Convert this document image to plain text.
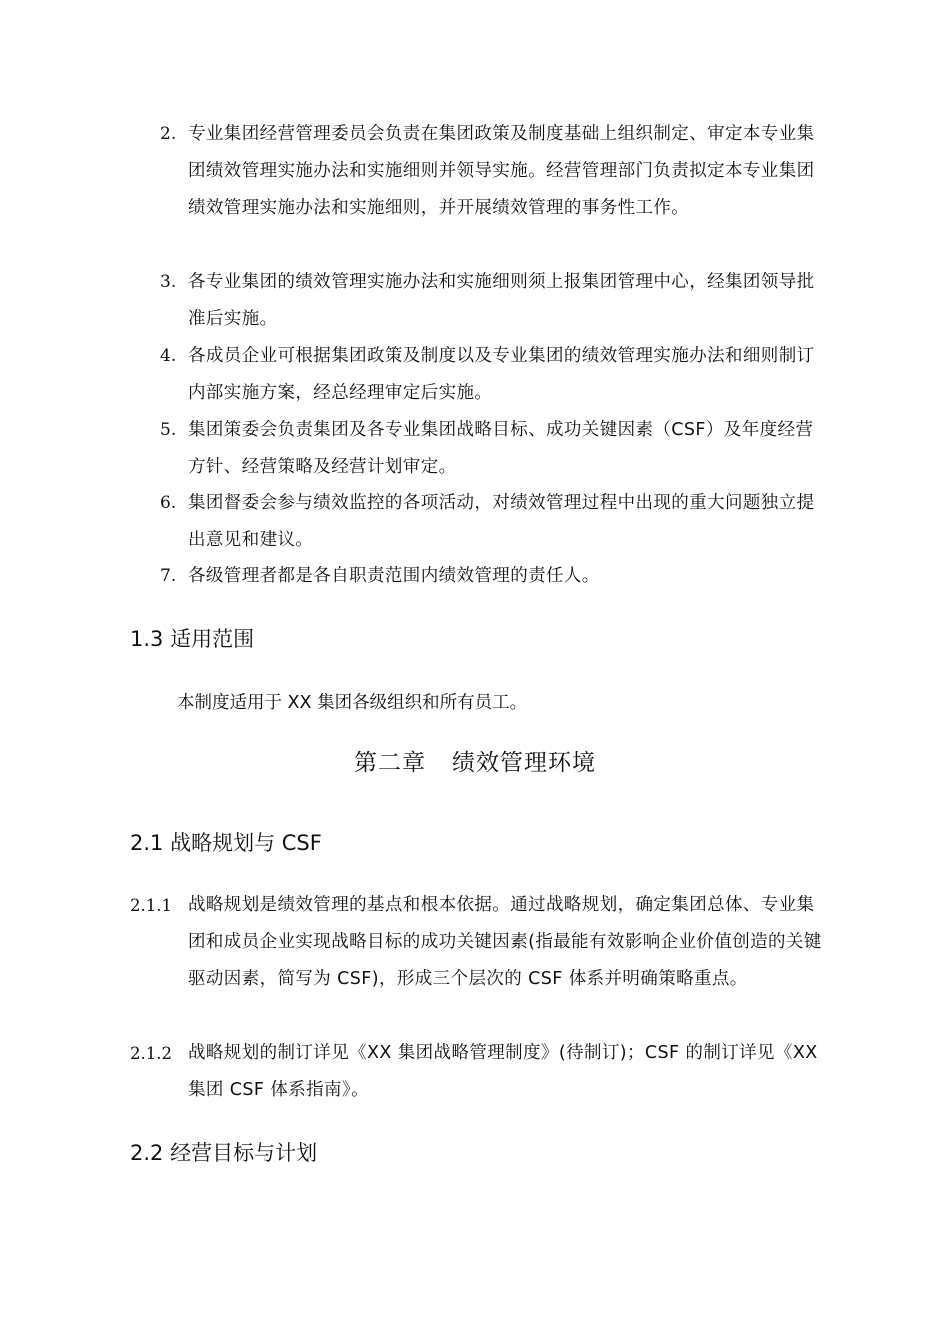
2. 专业集团经营管理委员会负责在集团政策及制度基础上组织制定、审定本专业集团绩效管理实施办法和实施细则并领导实施。经营管理部门负责拟定本专业集团绩效管理实施办法和实施细则，并开展绩效管理的事务性工作。
3. 各专业集团的绩效管理实施办法和实施细则须上报集团管理中心，经集团领导批准后实施。
4. 各成员企业可根据集团政策及制度以及专业集团的绩效管理实施办法和细则制订内部实施方案，经总经理审定后实施。
5. 集团策委会负责集团及各专业集团战略目标、成功关键因素（CSF）及年度经营方针、经营策略及经营计划审定。
6. 集团督委会参与绩效监控的各项活动，对绩效管理过程中出现的重大问题独立提出意见和建议。
7. 各级管理者都是各自职责范围内绩效管理的责任人。
1.3 适用范围
本制度适用于 XX 集团各级组织和所有员工。
第二章 绩效管理环境
2.1 战略规划与 CSF
2.1.1 战略规划是绩效管理的基点和根本依据。通过战略规划，确定集团总体、专业集团和成员企业实现战略目标的成功关键因素(指最能有效影响企业价值创造的关键驱动因素，简写为 CSF)，形成三个层次的 CSF 体系并明确策略重点。
2.1.2 战略规划的制订详见《XX 集团战略管理制度》(待制订)；CSF 的制订详见《XX 集团 CSF 体系指南》。
2.2 经营目标与计划
